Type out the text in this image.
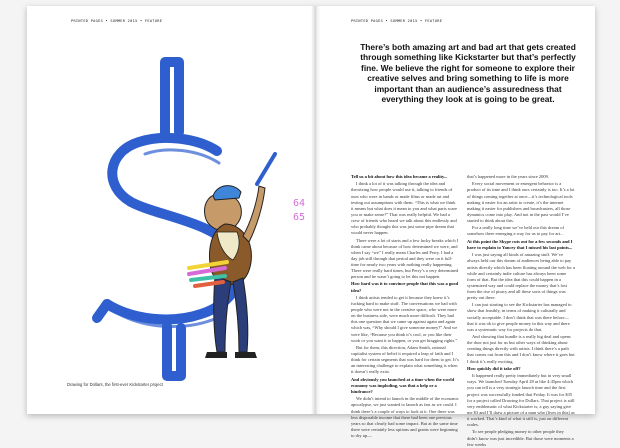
PRINTED PAGES • SUMMER 2015 • FEATURE	PRINTED PAGES • SUMMER 2015 • FEATURE
Drawing for Dollars, the first-ever Kickstarter project
64
65

There’s both amazing art and bad art that gets created through something like Kickstarter but that’s perfectly fine. We believe the right for someone to explore their creative selves and bring something to life is more important than an audience’s assuredness that everything they look at is going to be great.

Tell us a bit about how this idea became a reality...

I think a lot of it was talking through the idea and theorizing how people would use it, talking to friends of ours who were in bands or made films or made art and testing out assumptions with them. “This is what we think it means but what does it mean to you and what parts scare you or make sense?” That was really helpful. We had a crew of friends who heard we talk about this endlessly and who probably thought this was just some pipe dream that would never happen.

There were a lot of starts and a few lucky breaks which I think came about because of how determined we were, and when I say “we” I really mean Charles and Perry. I had a day job still through that period and they were on it full-time for nearly two years with nothing really happening. There were really hard times, but Perry’s a very determined person and he wasn’t going to let this not happen.

How hard was it to convince people that this was a good idea?

I think artists tended to get it because they knew it’s fucking hard to make stuff. The conversations we had with people who were not in the creative space, who were more on the business side, were much more difficult. They had this one question that we came up against again and again which was, “Why should I give someone money?” And we were like, “Because you think it’s cool, or you like their work or you want it to happen, or you get bragging rights.”

But for them, this direction, Adam Smith, rational capitalist system of belief it required a leap of faith and I think for certain segments that was hard for them to get. It’s an interesting challenge to explain what something is when it doesn’t really exist.

And obviously you launched at a time when the world economy was imploding, was that a help or a hindrance?

We didn’t intend to launch in the middle of the economic apocalypse, we just wanted to launch as fast as we could. I think there’s a couple of ways to look at it. One there was less disposable income that there had been one previous years so that clearly had some impact. But at the same time there were certainly less options and grants were beginning to dry up—

that’s happened more in the years since 2009.

Every social movement or emergent behavior is a product of its time and I think ours certainly is too. It’s a lot of things coming together at once—it’s technological tools making it easier for an artist to create, it’s the internet making it easier for publishers and broadcasters, all those dynamics come into play. And not in the past would I’ve started to think about this.

For a really long time we’ve held our this dream of somehow there emerging a way for us to pay for art...

At this point the Skype cuts out for a few seconds and I have to explain to Yancey that I missed his last points...

I was just saying all kinds of amazing stuff. We’ve always held our this dream of audiences being able to pay artists directly which has been floating around the web for a while and certainly indie culture has always been some form of that. But the idea that this could happen in a systemized way and could replace the money that’s lost from the rise of piracy and all these sorts of things was pretty out there.

I can just starting to see the Kickstarter has managed to show that feasibly, in terms of making it culturally and socially acceptable. I don’t think that was there before—that it was ok to give people money in this way and there was a systematic way for projects do that.

And showing that hundle is a really big deal and opens the door not just for us but other ways of thinking about creating things directly with artists. I think there’s a path that comes out from this and I don’t know where it goes but I think it’s really exciting.

How quickly did it take off?

It happened really pretty immediately but in very small ways. We launched Tuesday April 28 at like 4:45pm which you can tell is a very strategic launch time and the first project was successfully funded that Friday. It was for $35 for a project called Drawing for Dollars. That project is still very emblematic of what Kickstarter is; a guy saying give me $3 and I’ll draw a picture of a man who (lives in this) as it worked. That’s kind of what it still is, just on different scales.

To see people pledging money to other people they didn’t know was just incredible. But those were moments a few weeks
